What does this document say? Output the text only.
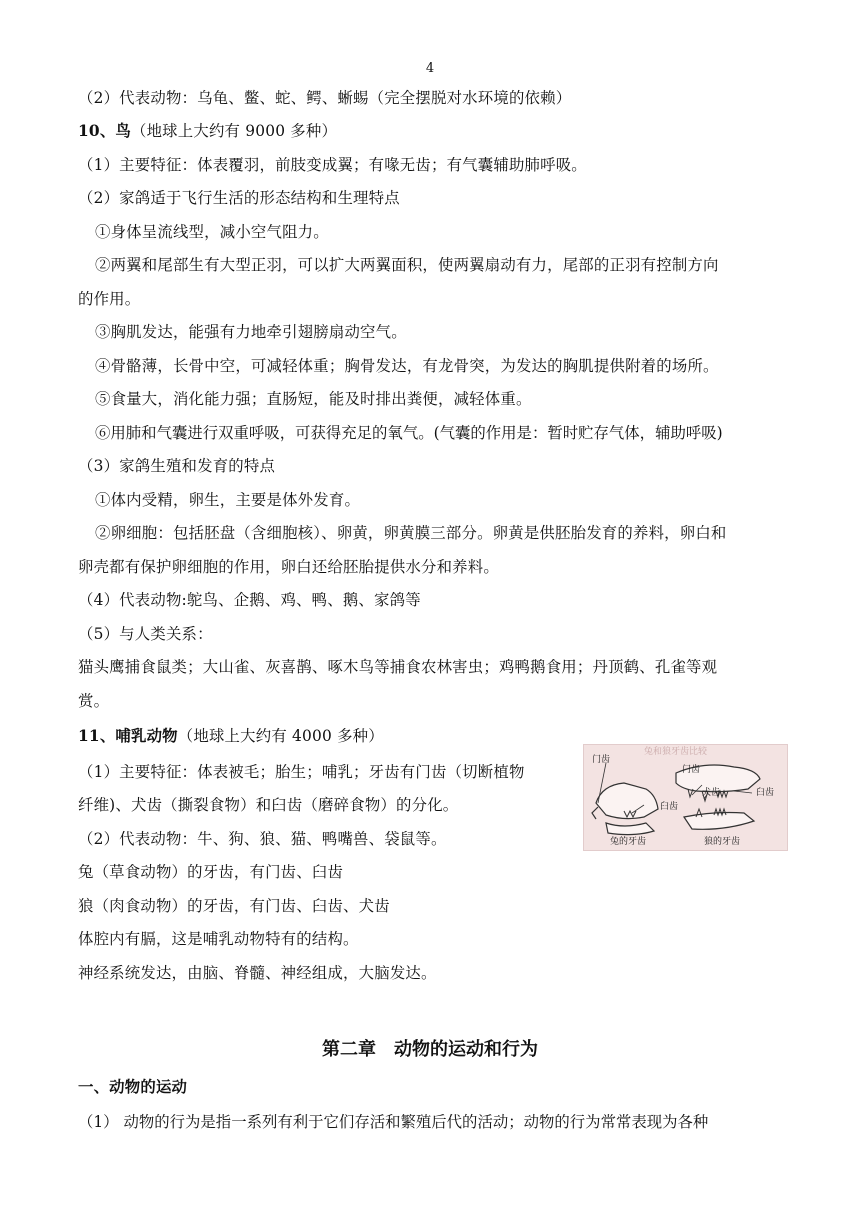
4
（2）代表动物：乌龟、鳖、蛇、鳄、蜥蜴（完全摆脱对水环境的依赖）
10、鸟（地球上大约有 9000 多种）
（1）主要特征：体表覆羽，前肢变成翼；有喙无齿；有气囊辅助肺呼吸。
（2）家鸽适于飞行生活的形态结构和生理特点
①身体呈流线型，减小空气阻力。
②两翼和尾部生有大型正羽，可以扩大两翼面积，使两翼扇动有力，尾部的正羽有控制方向
的作用。
③胸肌发达，能强有力地牵引翅膀扇动空气。
④骨骼薄，长骨中空，可减轻体重；胸骨发达，有龙骨突，为发达的胸肌提供附着的场所。
⑤食量大，消化能力强；直肠短，能及时排出粪便，减轻体重。
⑥用肺和气囊进行双重呼吸，可获得充足的氧气。(气囊的作用是：暂时贮存气体，辅助呼吸)
（3）家鸽生殖和发育的特点
①体内受精，卵生，主要是体外发育。
②卵细胞：包括胚盘（含细胞核）、卵黄，卵黄膜三部分。卵黄是供胚胎发育的养料，卵白和
卵壳都有保护卵细胞的作用，卵白还给胚胎提供水分和养料。
（4）代表动物:鸵鸟、企鹅、鸡、鸭、鹅、家鸽等
（5）与人类关系：
猫头鹰捕食鼠类；大山雀、灰喜鹊、啄木鸟等捕食农林害虫；鸡鸭鹅食用；丹顶鹤、孔雀等观
赏。
11、哺乳动物（地球上大约有 4000 多种）
（1）主要特征：体表被毛；胎生；哺乳；牙齿有门齿（切断植物
纤维)、犬齿（撕裂食物）和臼齿（磨碎食物）的分化。
（2）代表动物：牛、狗、狼、猫、鸭嘴兽、袋鼠等。
兔（草食动物）的牙齿，有门齿、臼齿
狼（肉食动物）的牙齿，有门齿、臼齿、犬齿
体腔内有膈，这是哺乳动物特有的结构。
神经系统发达，由脑、脊髓、神经组成，大脑发达。
兔和狼牙齿比较
门齿
门齿
犬齿	臼齿
臼齿
兔的牙齿	狼的牙齿
第二章　动物的运动和行为
一、动物的运动
（1） 动物的行为是指一系列有利于它们存活和繁殖后代的活动；动物的行为常常表现为各种
